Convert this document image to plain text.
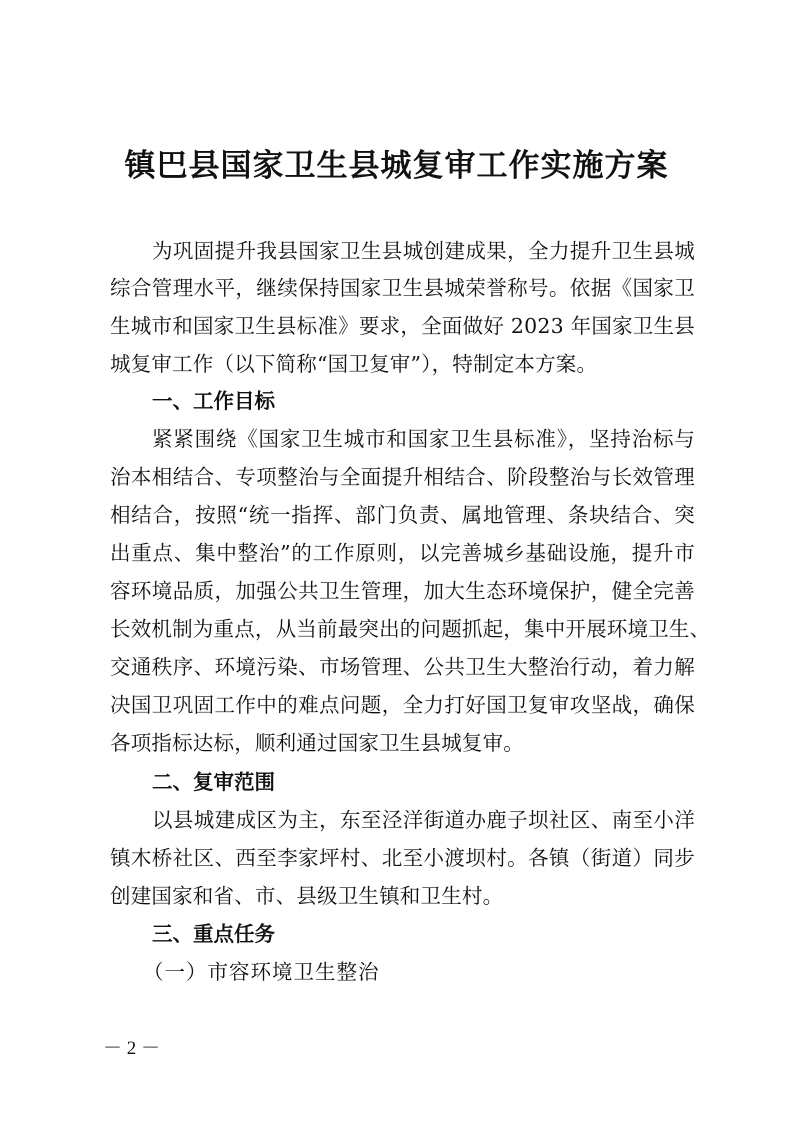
镇巴县国家卫生县城复审工作实施方案
为巩固提升我县国家卫生县城创建成果，全力提升卫生县城
综合管理水平，继续保持国家卫生县城荣誉称号。依据《国家卫
生城市和国家卫生县标准》要求，全面做好 2023 年国家卫生县
城复审工作（以下简称“国卫复审”），特制定本方案。
一、工作目标
紧紧围绕《国家卫生城市和国家卫生县标准》，坚持治标与
治本相结合、专项整治与全面提升相结合、阶段整治与长效管理
相结合，按照“统一指挥、部门负责、属地管理、条块结合、突
出重点、集中整治”的工作原则，以完善城乡基础设施，提升市
容环境品质，加强公共卫生管理，加大生态环境保护，健全完善
长效机制为重点，从当前最突出的问题抓起，集中开展环境卫生、
交通秩序、环境污染、市场管理、公共卫生大整治行动，着力解
决国卫巩固工作中的难点问题，全力打好国卫复审攻坚战，确保
各项指标达标，顺利通过国家卫生县城复审。
二、复审范围
以县城建成区为主，东至泾洋街道办鹿子坝社区、南至小洋
镇木桥社区、西至李家坪村、北至小渡坝村。各镇（街道）同步
创建国家和省、市、县级卫生镇和卫生村。
三、重点任务
（一）市容环境卫生整治
－ 2 －
